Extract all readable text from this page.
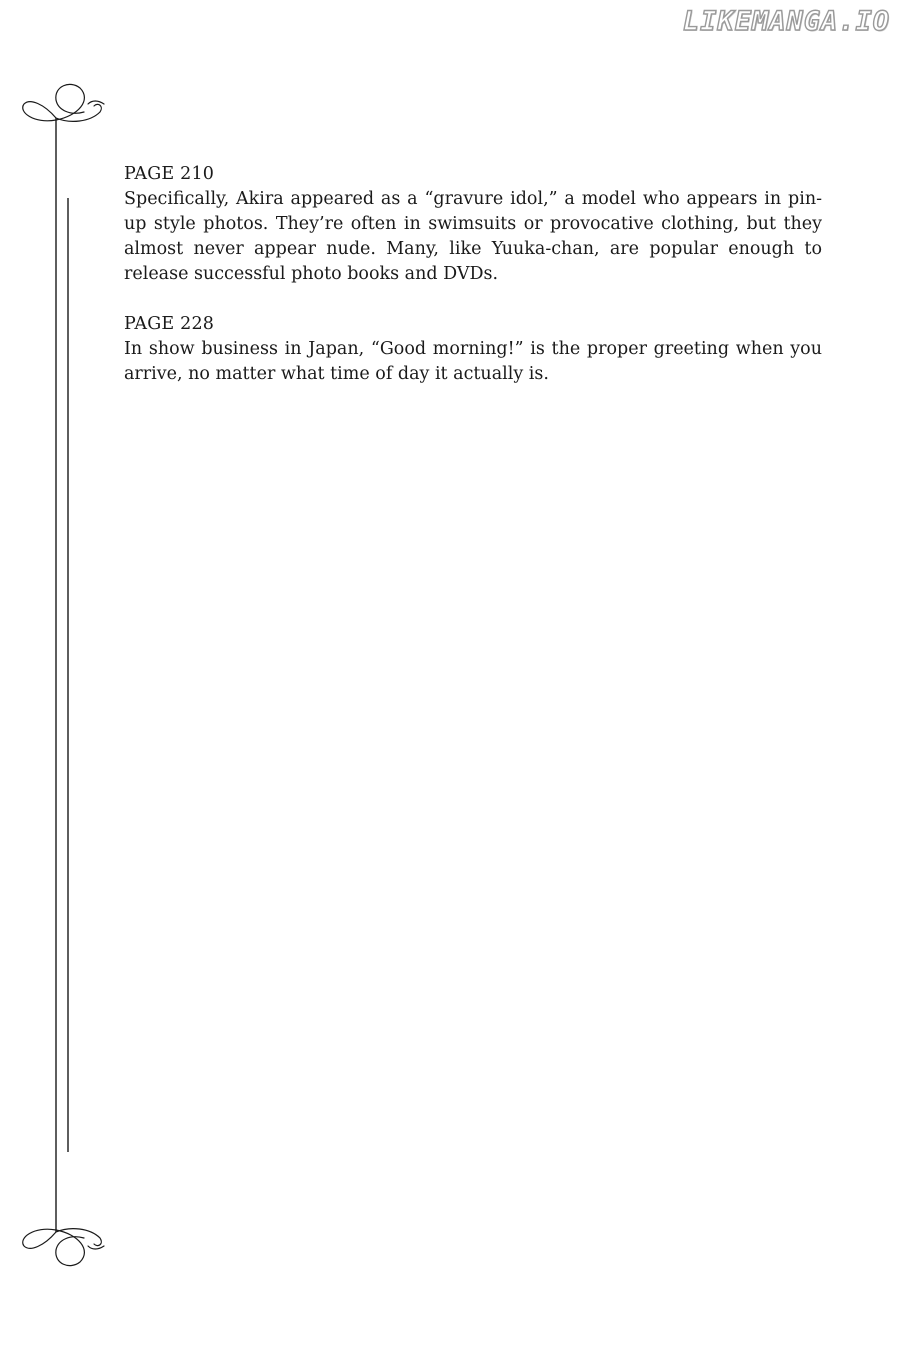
LIKEMANGA.IO

PAGE 210

Specifically, Akira appeared as a “gravure idol,” a model who appears in pin-up style photos. They’re often in swimsuits or provocative clothing, but they almost never appear nude. Many, like Yuuka-chan, are popular enough to release successful photo books and DVDs.

PAGE 228

In show business in Japan, “Good morning!” is the proper greeting when you arrive, no matter what time of day it actually is.
